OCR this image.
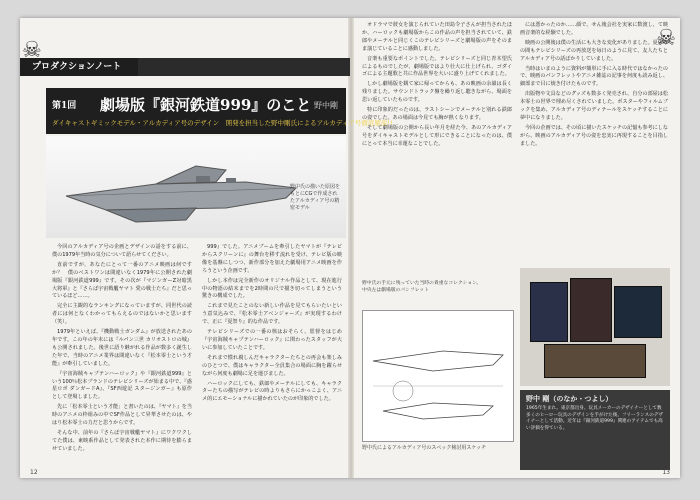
プロダクションノート
☠	☠
第1回 劇場版『銀河鉄道999』のこと 野中剛
ダイキャストギミックモデル・アルカディア号のデザイン　開発を担当した野中剛氏によるアルカディア号徹底解説!!
野中氏の描いた原図をもとにCGで作成されたアルカディア号の精密モデル

今回のアルカディア号の企画とデザインの話をする前に、僕の1979年当時の気分について語らせてください。

直前ですが、あなたにとって一番のアニメ映画は何ですか？　僕のベストワンは間違いなく1979年に公開された劇場版『銀河鉄道999』です。その次が『マジンガーZ対暗黒大将軍』と『さらば宇宙戦艦ヤマト 愛の戦士たち』だと思っているほど……。

完全に主観的なランキングになっていますが、同世代の読者には何となくわかってもらえるのではないかと思います（笑）。

1979年といえば、『機動戦士ガンダム』が放送されたあの年です。この年の年末には『ルパン三世 カリオストロの城』も公開されました。後世に語り継がれる作品が数多く誕生した年で、当時のアニメ業界は間違いなく『松本零士という才能』が牽引していました。

『宇宙海賊キャプテンハーロック』や『銀河鉄道999』という100％松本ブランドのテレビシリーズが始まる中で、『惑星ロボ ダンガードA』、『SF西遊記 スタージンガー』も原作として登場しました。

先に「松本零士という才能」と書いたのは、『ヤマト』を当時のアニメの枠組みの中でSF作品として昇華させたのは、やはり松本零士の力だと思うからです。

そんな中、前年の『さらば宇宙戦艦ヤマト』にワクワクしてた僕は、東映系作品として発表された本作に期待を膨らませていました。

999』でした。アニメブームを牽引したヤマトが『テレビからスクリーンに』の舞台を移す流れを受け、テレビ版の映像を基盤にしつつ、新作部分を加えた劇場用アニメ映画を作ろうという企画です。

しかし本作は完全新作のオリジナル作品として、現在進行中の物語の結末までを2時間の尺で描き切ってしまうという驚きの構成でした。

これまで見たことのない新しい作品を見てもらいたいという意気込みで、『松本零士アベンジャーズ』が実現するわけで、正に『夏祭り』的な作品です。

テレビシリーズでの一番の核はおそらく、監督をはじめ『宇宙海賊キャプテンハーロック』に関わったスタッフが大いに参加していたことです。

それまで慣れ親しんだキャラクターたちとの再会も楽しみのひとつで、僕はキャラクター全員集合の場面に胸を躍らせながら何度も劇場に足を運びました。

ハーロックにしても、鉄郎やメーテルにしても、キャラクターたちの描写がテレビの時よりもさらにかっこよく、アニメ的にエモーショナルに描かれていたのが印象的でした。

オドラマで彼女を演じられていた田島令子さんが担当されたほか、ハーロックも劇場版からこの作品の声を担当されていて、鉄郎やメーテルと同じくこのテレビシリーズと劇場版の声をそのまま演じていることに感動しました。

音楽も重要なポイントでした。テレビシリーズと同じ青木望氏によるものでしたが、劇場版ではより壮大に仕上げられ、ゴダイゴによる主題歌と共に作品世界を大いに盛り上げてくれました。

しかし劇場版を観て家に帰ってからも、あの映画の余韻は長く残りました。サウンドトラック盤を繰り返し聴きながら、場面を思い返していたものです。

特に印象的だったのは、ラストシーンでメーテルと別れる鉄郎の姿でした。あの場面は今見ても胸が熱くなります。

そして劇場版の公開から長い年月を経た今、あのアルカディア号をダイキャストモデルとして形にできることになったのは、僕にとって本当に幸運なことでした。

には悪かったのか……顔で、せん後会社を実家に数渡し、て映画音楽的な経験でした。

映画の公開後は僕の生活にも大きな変化がありました。夏休みの間もテレビシリーズの再放送を毎日のように見て、友人たちとアルカディア号の話ばかりしていました。

当時はいまのように資料が簡単に手に入る時代ではなかったので、映画のパンフレットやアニメ雑誌の記事を何度も読み返し、細部まで目に焼き付けたものです。

出版物や文具などのグッズも数多く発売され、自分の部屋は松本零士の世界で埋め尽くされていました。ポスターやフィルムブックを集め、アルカディア号のディテールをスケッチすることに夢中になりました。

今回の企画では、その頃に描いたスケッチの記憶も参考にしながら、映画のアルカディア号の姿を忠実に再現することを目指しました。

野中氏の手元に残っていた当時の貴重なコレクション。中央左は劇場版のパンフレット
野中氏によるアルカディア号のスペック検討用スケッチ
野中 剛（のなか・つよし）
1965年生まれ。東京都出身。玩具メーカーのデザイナーとして数多くのヒーロー玩具のデザインを手がけた後、フリーランスのデザイナーとして活動。近年は『銀河鉄道999』関連のアイテムでも高い評価を得ている。
12	13
